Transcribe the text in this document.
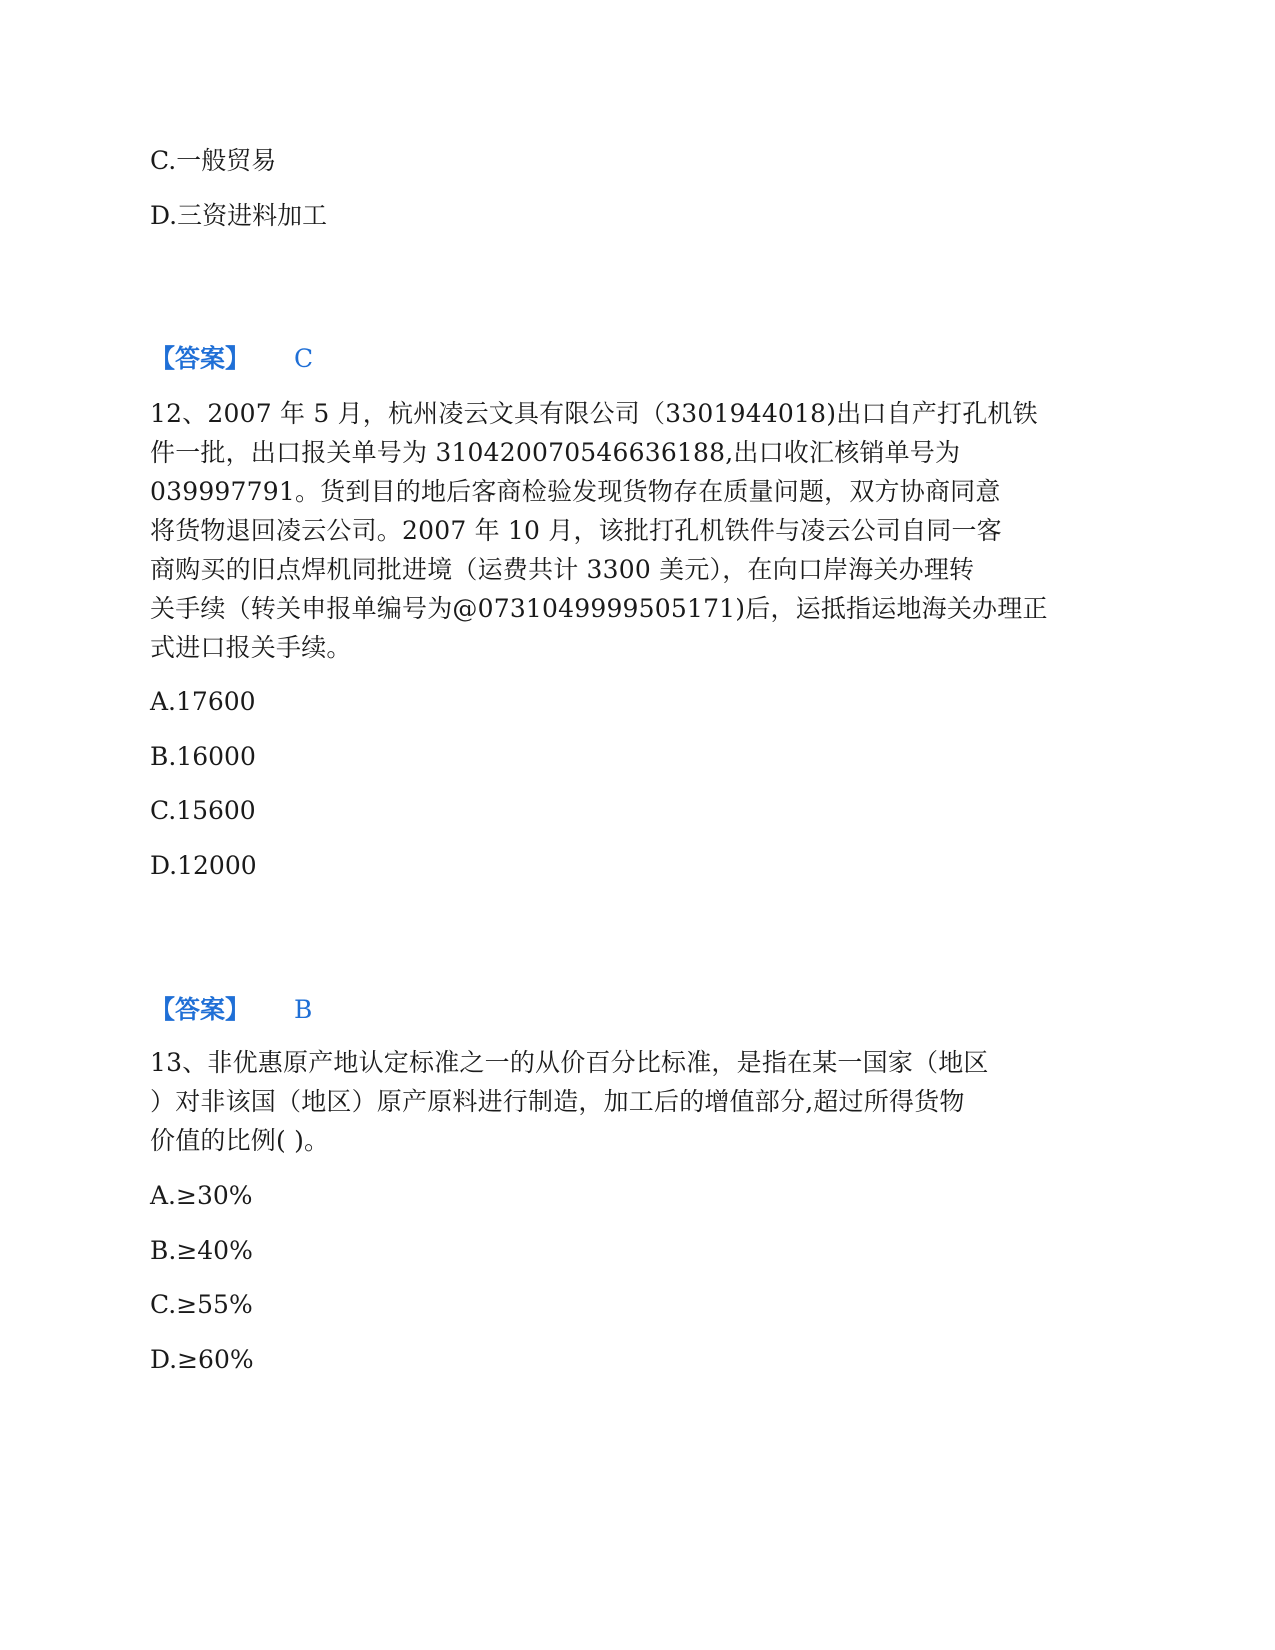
C.一般贸易
D.三资进料加工
【答案】 C
12、2007 年 5 月，杭州凌云文具有限公司（3301944018)出口自产打孔机铁
件一批，出口报关单号为 310420070546636188,出口收汇核销单号为
039997791。货到目的地后客商检验发现货物存在质量问题，双方协商同意
将货物退回凌云公司。2007 年 10 月，该批打孔机铁件与凌云公司自同一客
商购买的旧点焊机同批进境（运费共计 3300 美元），在向口岸海关办理转
关手续（转关申报单编号为@0731049999505171)后，运抵指运地海关办理正
式进口报关手续。
A.17600
B.16000
C.15600
D.12000
【答案】 B
13、非优惠原产地认定标准之一的从价百分比标准，是指在某一国家（地区
）对非该国（地区）原产原料进行制造，加工后的增值部分,超过所得货物
价值的比例( )。
A.≥30%
B.≥40%
C.≥55%
D.≥60%
